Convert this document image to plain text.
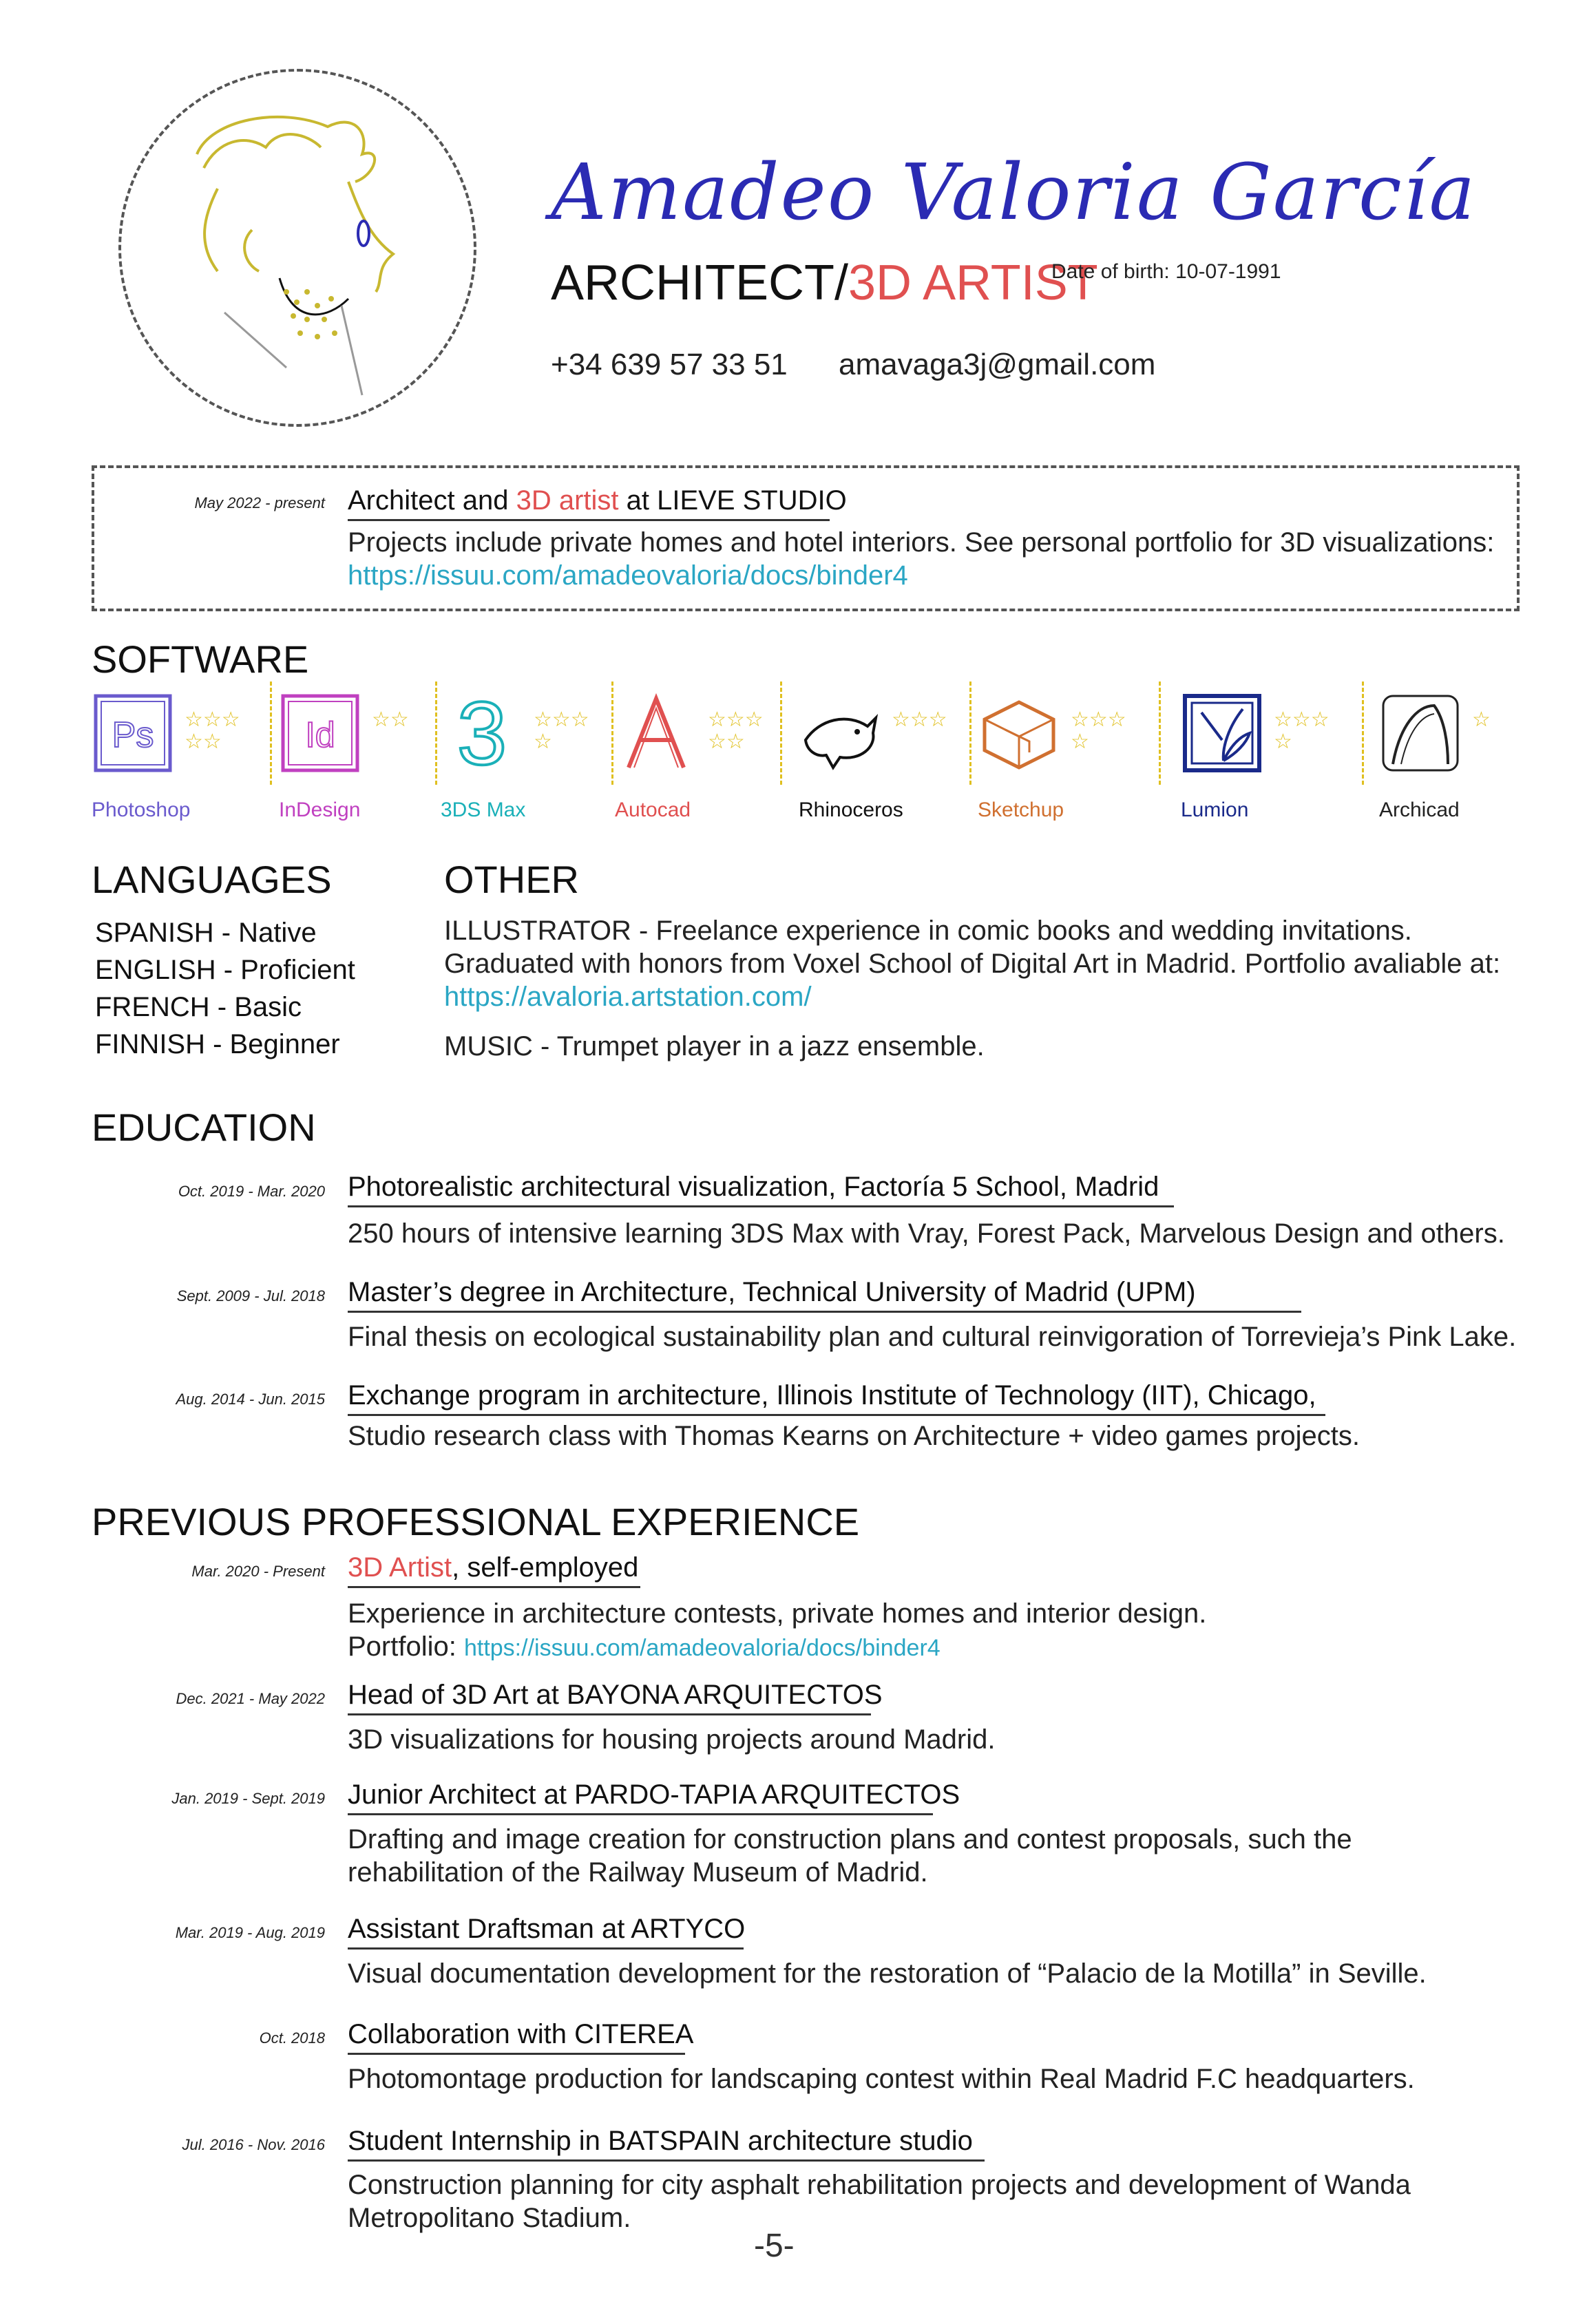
Amadeo Valoria García
ARCHITECT/3D ARTIST
Date of birth: 10-07-1991
+34 639 57 33 51 amavaga3j@gmail.com
May 2022 - present Architect and 3D artist at LIEVE STUDIO
Projects include private homes and hotel interiors. See personal portfolio for 3D visualizations:
https://issuu.com/amadeovaloria/docs/binder4
SOFTWARE
Ps ☆☆☆
☆☆
Photoshop
Id ☆☆
InDesign
3 ☆☆☆
☆
3DS Max
☆☆☆
☆☆
Autocad
☆☆☆
Rhinoceros
☆☆☆
☆
Sketchup
☆☆☆
☆
Lumion
☆
Archicad
LANGUAGES
SPANISH - Native
ENGLISH - Proficient
FRENCH - Basic
FINNISH - Beginner
OTHER
ILLUSTRATOR - Freelance experience in comic books and wedding invitations.
Graduated with honors from Voxel School of Digital Art in Madrid. Portfolio avaliable at:
https://avaloria.artstation.com/
MUSIC - Trumpet player in a jazz ensemble.
EDUCATION
Oct. 2019 - Mar. 2020 Photorealistic architectural visualization, Factoría 5 School, Madrid
250 hours of intensive learning 3DS Max with Vray, Forest Pack, Marvelous Design and others.
Sept. 2009 - Jul. 2018 Master’s degree in Architecture, Technical University of Madrid (UPM)
Final thesis on ecological sustainability plan and cultural reinvigoration of Torrevieja’s Pink Lake.
Aug. 2014 - Jun. 2015 Exchange program in architecture, Illinois Institute of Technology (IIT), Chicago,
Studio research class with Thomas Kearns on Architecture + video games projects.
PREVIOUS PROFESSIONAL EXPERIENCE
Mar. 2020 - Present 3D Artist, self-employed
Experience in architecture contests, private homes and interior design.
Portfolio: https://issuu.com/amadeovaloria/docs/binder4
Dec. 2021 - May 2022 Head of 3D Art at BAYONA ARQUITECTOS
3D visualizations for housing projects around Madrid.
Jan. 2019 - Sept. 2019 Junior Architect at PARDO-TAPIA ARQUITECTOS
Drafting and image creation for construction plans and contest proposals, such the rehabilitation of the Railway Museum of Madrid.
Mar. 2019 - Aug. 2019 Assistant Draftsman at ARTYCO
Visual documentation development for the restoration of “Palacio de la Motilla” in Seville.
Oct. 2018 Collaboration with CITEREA
Photomontage production for landscaping contest within Real Madrid F.C headquarters.
Jul. 2016 - Nov. 2016 Student Internship in BATSPAIN architecture studio
Construction planning for city asphalt rehabilitation projects and development of Wanda Metropolitano Stadium.
-5-
